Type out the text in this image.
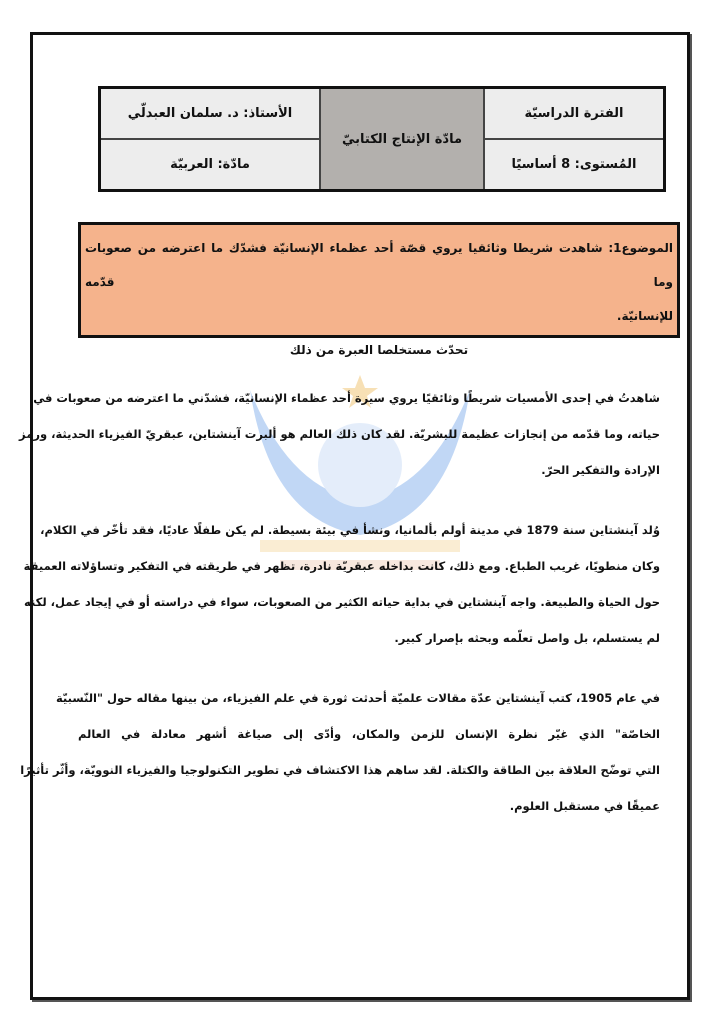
الفترة الدراسيّة
المُستوى: 8 أساسيًا
مادّة الإنتاج الكتابيّ
الأستاذ: د. سلمان العبدلّي
مادّة: العربيّة
الموضوع1: شاهدت شريطا وثائقيا يروي قصّة أحد عظماء الإنسانيّة فشدّك ما اعترضه من صعوبات وما قدّمه
للإنسانيّة.
تحدّث مستخلصا العبرة من ذلك
شاهدتُ في إحدى الأمسيات شريطًا وثائقيًا يروي سيرة أحد عظماء الإنسانيّة، فشدّني ما اعترضه من صعوبات في
حياته، وما قدّمه من إنجازات عظيمة للبشريّة. لقد كان ذلك العالم هو ألبرت آينشتاين، عبقريّ الفيزياء الحديثة، ورمز
الإرادة والتفكير الحرّ.
وُلد آينشتاين سنة 1879 في مدينة أولم بألمانيا، ونشأ في بيئة بسيطة. لم يكن طفلًا عاديًا، فقد تأخّر في الكلام،
وكان منطويًا، غريب الطباع. ومع ذلك، كانت بداخله عبقريّة نادرة، تظهر في طريقته في التفكير وتساؤلاته العميقة
حول الحياة والطبيعة. واجه آينشتاين في بداية حياته الكثير من الصعوبات، سواء في دراسته أو في إيجاد عمل، لكنه
لم يستسلم، بل واصل تعلّمه وبحثه بإصرار كبير.
في عام 1905، كتب آينشتاين عدّة مقالات علميّة أحدثت ثورة في علم الفيزياء، من بينها مقاله حول "النّسبيّة
الخاصّة" الذي غيّر نظرة الإنسان للزمن والمكان، وأدّى إلى صياغة أشهر معادلة في العالم
التي توضّح العلاقة بين الطاقة والكتلة. لقد ساهم هذا الاكتشاف في تطوير التكنولوجيا والفيزياء النوويّة، وأثّر تأثيرًا
عميقًا في مستقبل العلوم.
